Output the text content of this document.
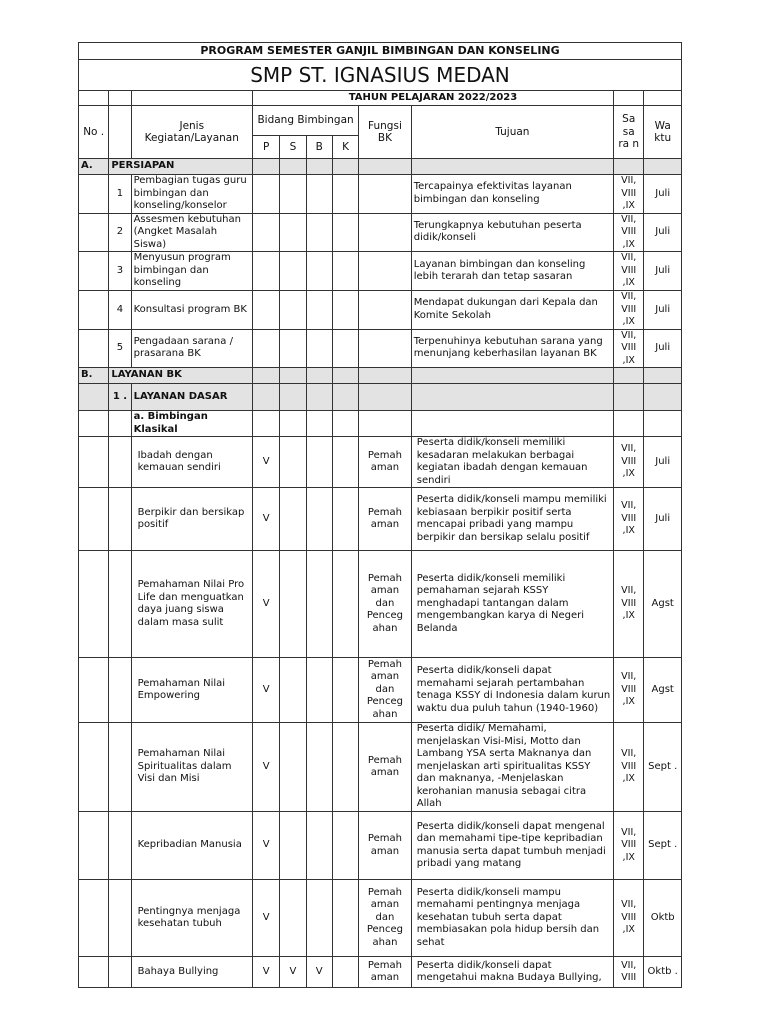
PROGRAM SEMESTER GANJIL BIMBINGAN DAN KONSELING										
SMP ST. IGNASIUS MEDAN										
			TAHUN PELAJARAN 2022/2023							
No .		Jenis Kegiatan/Layanan	Bidang Bimbingan				Fungsi BK	Tujuan	Sa sa ra n	Wa ktu
			P	S	B	K				
A.	PERSIAPAN									
	1	Pembagian tugas guru bimbingan dan konseling/konselor						Tercapainya efektivitas layanan bimbingan dan konseling	VII, VIII ,IX	Juli
	2	Assesmen kebutuhan (Angket Masalah Siswa)						Terungkapnya kebutuhan peserta didik/konseli	VII, VIII ,IX	Juli
	3	Menyusun program bimbingan dan konseling						Layanan bimbingan dan konseling lebih terarah dan tetap sasaran	VII, VIII ,IX	Juli
	4	Konsultasi program BK						Mendapat dukungan dari Kepala dan Komite Sekolah	VII, VIII ,IX	Juli
	5	Pengadaan sarana / prasarana BK						Terpenuhinya kebutuhan sarana yang menunjang keberhasilan layanan BK	VII, VIII ,IX	Juli
B.	LAYANAN BK									
	1 .	LAYANAN DASAR								
		a. Bimbingan Klasikal								
		Ibadah dengan kemauan sendiri	V				Pemah aman	Peserta didik/konseli memiliki kesadaran melakukan berbagai kegiatan ibadah dengan kemauan sendiri	VII, VIII ,IX	Juli
		Berpikir dan bersikap positif	V				Pemah aman	Peserta didik/konseli mampu memiliki kebiasaan berpikir positif serta mencapai pribadi yang mampu berpikir dan bersikap selalu positif	VII, VIII ,IX	Juli
		Pemahaman Nilai Pro Life dan menguatkan daya juang siswa dalam masa sulit	V				Pemah aman dan Penceg ahan	Peserta didik/konseli memiliki pemahaman sejarah KSSY menghadapi tantangan dalam mengembangkan karya di Negeri Belanda	VII, VIII ,IX	Agst
		Pemahaman Nilai Empowering	V				Pemah aman dan Penceg ahan	Peserta didik/konseli dapat memahami sejarah pertambahan tenaga KSSY di Indonesia dalam kurun waktu dua puluh tahun (1940-1960)	VII, VIII ,IX	Agst
		Pemahaman Nilai Spiritualitas dalam Visi dan Misi	V				Pemah aman	Peserta didik/ Memahami, menjelaskan Visi-Misi, Motto dan Lambang YSA serta Maknanya dan menjelaskan arti spiritualitas KSSY dan maknanya, -Menjelaskan kerohanian manusia sebagai citra Allah	VII, VIII ,IX	Sept .
		Kepribadian Manusia	V				Pemah aman	Peserta didik/konseli dapat mengenal dan memahami tipe-tipe kepribadian manusia serta dapat tumbuh menjadi pribadi yang matang	VII, VIII ,IX	Sept .
		Pentingnya menjaga kesehatan tubuh	V				Pemah aman dan Penceg ahan	Peserta didik/konseli mampu memahami pentingnya menjaga kesehatan tubuh serta dapat membiasakan pola hidup bersih dan sehat	VII, VIII ,IX	Oktb
		Bahaya Bullying	V	V	V		Pemah aman	Peserta didik/konseli dapat mengetahui makna Budaya Bullying,	VII, VIII	Oktb .
